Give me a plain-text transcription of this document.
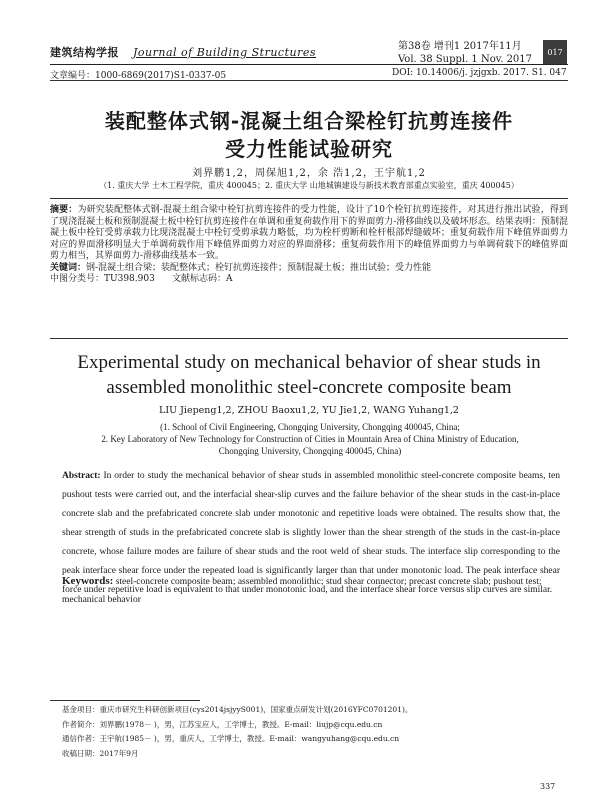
建筑结构学报 Journal of Building Structures	第38卷 增刊1 2017年11月
Vol. 38 Suppl. 1 Nov. 2017
017
文章编号：1000-6869(2017)S1-0337-05	DOI: 10.14006/j. jzjgxb. 2017. S1. 047
装配整体式钢-混凝土组合梁栓钉抗剪连接件
受力性能试验研究
刘界鹏1,2，周保旭1,2，余 浩1,2，王宇航1,2
（1. 重庆大学 土木工程学院，重庆 400045；2. 重庆大学 山地城镇建设与新技术教育部重点实验室，重庆 400045）
摘要：为研究装配整体式钢-混凝土组合梁中栓钉抗剪连接件的受力性能，设计了10个栓钉抗剪连接件，对其进行推出试验，得到了现浇混凝土板和预制混凝土板中栓钉抗剪连接件在单调和重复荷载作用下的界面剪力-滑移曲线以及破坏形态。结果表明：预制混凝土板中栓钉受剪承载力比现浇混凝土中栓钉受剪承载力略低，均为栓杆剪断和栓杆根部焊缝破坏；重复荷载作用下峰值界面剪力对应的界面滑移明显大于单调荷载作用下峰值界面剪力对应的界面滑移；重复荷载作用下的峰值界面剪力与单调荷载下的峰值界面剪力相当，其界面剪力-滑移曲线基本一致。
关键词：钢-混凝土组合梁；装配整体式；栓钉抗剪连接件；预制混凝土板；推出试验；受力性能
中图分类号：TU398.903 文献标志码：A
Experimental study on mechanical behavior of shear studs in
assembled monolithic steel-concrete composite beam
LIU Jiepeng1,2, ZHOU Baoxu1,2, YU Jie1,2, WANG Yuhang1,2
(1. School of Civil Engineering, Chongqing University, Chongqing 400045, China;
2. Key Laboratory of New Technology for Construction of Cities in Mountain Area of China Ministry of Education,
Chongqing University, Chongqing 400045, China)
Abstract: In order to study the mechanical behavior of shear studs in assembled monolithic steel-concrete composite beams, ten pushout tests were carried out, and the interfacial shear-slip curves and the failure behavior of the shear studs in the cast-in-place concrete slab and the prefabricated concrete slab under monotonic and repetitive loads were obtained. The results show that, the shear strength of studs in the prefabricated concrete slab is slightly lower than the shear strength of the studs in the cast-in-place concrete, whose failure modes are failure of shear studs and the root weld of shear studs. The interface slip corresponding to the peak interface shear force under the repeated load is significantly larger than that under monotonic load. The peak interface shear force under repetitive load is equivalent to that under monotonic load, and the interface shear force versus slip curves are similar.
Keywords: steel-concrete composite beam; assembled monolithic; stud shear connector; precast concrete slab; pushout test; mechanical behavior
基金项目：重庆市研究生科研创新项目(cys2014jsjyyS001)，国家重点研发计划(2016YFC0701201)。
作者简介：刘界鹏(1978－ )，男，江苏宝应人，工学博士，教授。E-mail：liujp@cqu.edu.cn
通信作者：王宇航(1985－ )，男，重庆人，工学博士，教授。E-mail：wangyuhang@cqu.edu.cn
收稿日期：2017年9月
337
